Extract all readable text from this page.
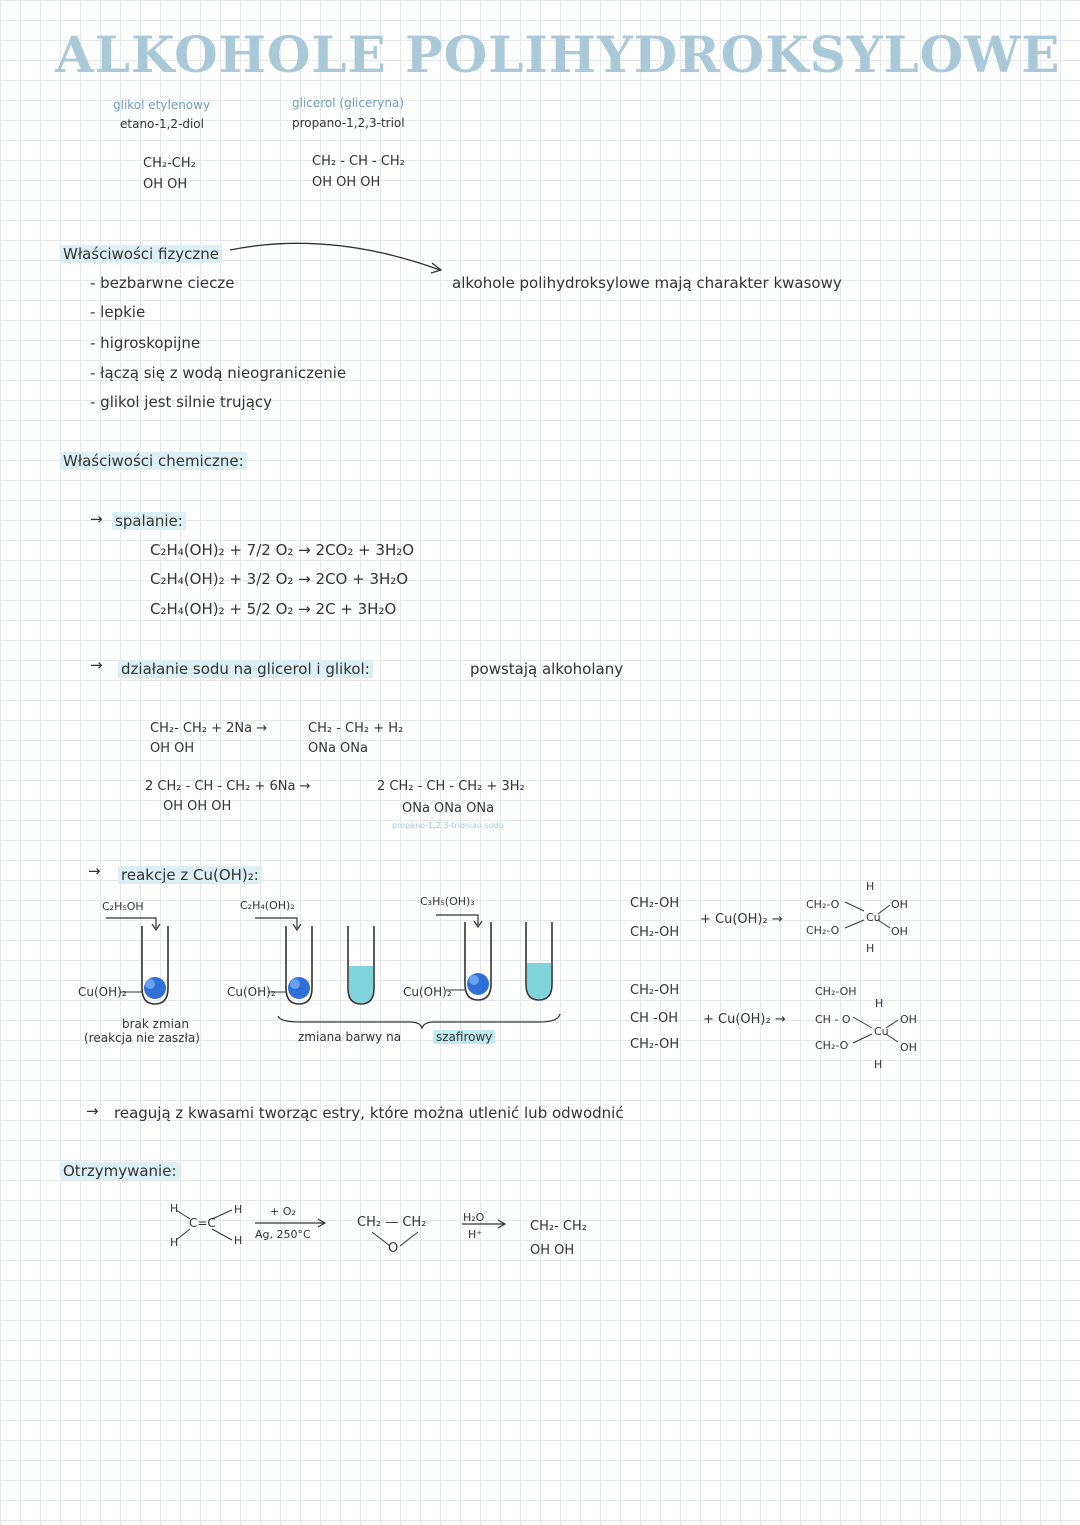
ALKOHOLE POLIHYDROKSYLOWE
glikol etylenowy
etano-1,2-diol
CH₂-CH₂
OH OH
glicerol (gliceryna)
propano-1,2,3-triol
CH₂ - CH - CH₂
OH OH OH
Właściwości fizyczne
- bezbarwne ciecze
- lepkie
- higroskopijne
- łączą się z wodą nieograniczenie
- glikol jest silnie trujący
alkohole polihydroksylowe mają charakter kwasowy
Właściwości chemiczne:
→ spalanie:
C₂H₄(OH)₂ + 7/2 O₂ → 2CO₂ + 3H₂O
C₂H₄(OH)₂ + 3/2 O₂ → 2CO + 3H₂O
C₂H₄(OH)₂ + 5/2 O₂ → 2C + 3H₂O
→ działanie sodu na glicerol i glikol:	powstają alkoholany
CH₂- CH₂ + 2Na →
OH OH
CH₂ - CH₂ + H₂
ONa ONa
2 CH₂ - CH - CH₂ + 6Na →
OH OH OH
2 CH₂ - CH - CH₂ + 3H₂
ONa ONa ONa
propano-1,2,3-trionian sodu
→ reakcje z Cu(OH)₂:
C₂H₅OH	C₂H₄(OH)₂	C₃H₅(OH)₃
Cu(OH)₂	Cu(OH)₂	Cu(OH)₂
brak zmian
(reakcja nie zaszła)	zmiana barwy na	szafirowy
CH₂-OH
CH₂-OH
+ Cu(OH)₂ →
CH₂-O
CH₂-O
Cu
OH
OH
H
H
CH₂-OH
CH -OH
CH₂-OH
+ Cu(OH)₂ →
CH₂-OH
CH - O
CH₂-O
Cu
OH
OH
H
H
→ reagują z kwasami tworząc estry, które można utlenić lub odwodnić
Otrzymywanie:
H
H
H
H
C=C
+ O₂
Ag, 250°C
CH₂ — CH₂
O
H₂O
H⁺
CH₂- CH₂
OH OH
